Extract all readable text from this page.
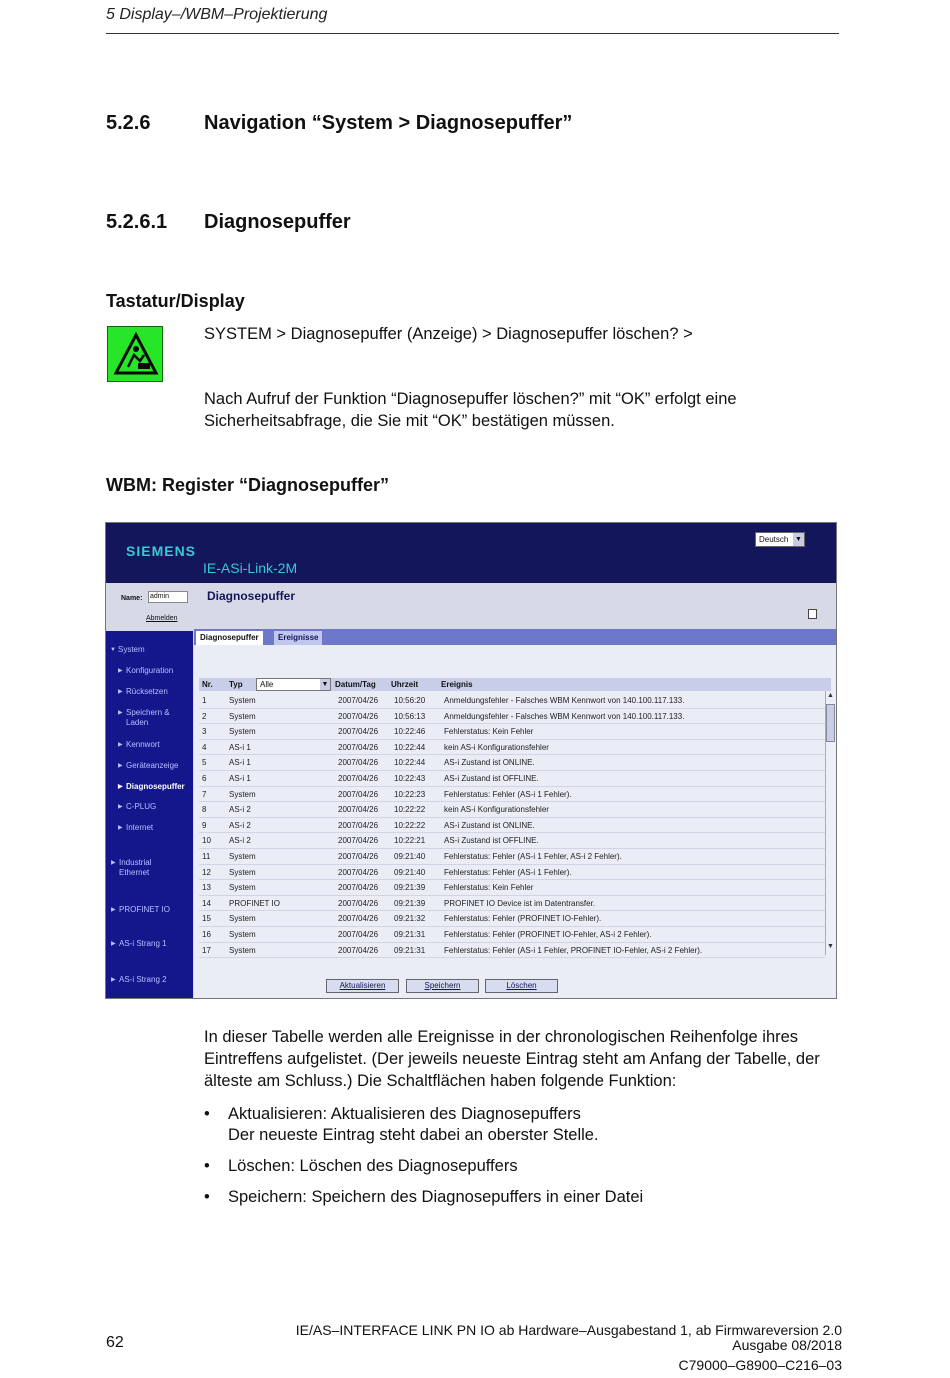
5 Display–/WBM–Projektierung
5.2.6	Navigation “System > Diagnosepuffer”
5.2.6.1 Diagnosepuffer
Tastatur/Display
SYSTEM > Diagnosepuffer (Anzeige) > Diagnosepuffer löschen? >
Nach Aufruf der Funktion “Diagnosepuffer löschen?” mit “OK” erfolgt eine Sicherheitsabfrage, die Sie mit “OK” bestätigen müssen.
WBM: Register “Diagnosepuffer”
SIEMENS
IE-ASi-Link-2M
Deutsch ▼
Name: admin
Abmelden
▼ System
▶ Konfiguration
▶ Rücksetzen
▶ Speichern & Laden
▶ Kennwort
▶ Geräteanzeige
▶ Diagnosepuffer
▶ C-PLUG
▶ Internet
▶ Industrial Ethernet
▶ PROFINET IO
▶ AS-i Strang 1
▶ AS-i Strang 2
Diagnosepuffer
Diagnosepuffer	Ereignisse
Nr. Typ	Alle	▼ Datum/Tag Uhrzeit	Ereignis
1	System	2007/04/26 10:56:20 Anmeldungsfehler - Falsches WBM Kennwort von 140.100.117.133.
2	System	2007/04/26 10:56:13 Anmeldungsfehler - Falsches WBM Kennwort von 140.100.117.133.
3	System	2007/04/26 10:22:46 Fehlerstatus: Kein Fehler
4	AS-i 1	2007/04/26 10:22:44 kein AS-i Konfigurationsfehler
5	AS-i 1	2007/04/26 10:22:44 AS-i Zustand ist ONLINE.
6	AS-i 1	2007/04/26 10:22:43 AS-i Zustand ist OFFLINE.
7	System	2007/04/26 10:22:23 Fehlerstatus: Fehler (AS-i 1 Fehler).
8	AS-i 2	2007/04/26 10:22:22 kein AS-i Konfigurationsfehler
9	AS-i 2	2007/04/26 10:22:22 AS-i Zustand ist ONLINE.
10 AS-i 2	2007/04/26 10:22:21 AS-i Zustand ist OFFLINE.
11 System	2007/04/26 09:21:40 Fehlerstatus: Fehler (AS-i 1 Fehler, AS-i 2 Fehler).
12 System	2007/04/26 09:21:40 Fehlerstatus: Fehler (AS-i 1 Fehler).
13 System	2007/04/26 09:21:39 Fehlerstatus: Kein Fehler
14 PROFINET IO	2007/04/26 09:21:39 PROFINET IO Device ist im Datentransfer.
15 System	2007/04/26 09:21:32 Fehlerstatus: Fehler (PROFINET IO-Fehler).
16 System	2007/04/26 09:21:31 Fehlerstatus: Fehler (PROFINET IO-Fehler, AS-i 2 Fehler).
17 System	2007/04/26 09:21:31 Fehlerstatus: Fehler (AS-i 1 Fehler, PROFINET IO-Fehler, AS-i 2 Fehler).
▲
▼
Aktualisieren	Speichern	Löschen
In dieser Tabelle werden alle Ereignisse in der chronologischen Reihenfolge ihres Eintreffens aufgelistet. (Der jeweils neueste Eintrag steht am Anfang der Tabelle, der älteste am Schluss.) Die Schaltflächen haben folgende Funktion:
• Aktualisieren: Aktualisieren des Diagnosepuffers
Der neueste Eintrag steht dabei an oberster Stelle.
• Löschen: Löschen des Diagnosepuffers
• Speichern: Speichern des Diagnosepuffers in einer Datei
62
IE/AS–INTERFACE LINK PN IO ab Hardware–Ausgabestand 1, ab Firmwareversion 2.0
Ausgabe 08/2018
C79000–G8900–C216–03
